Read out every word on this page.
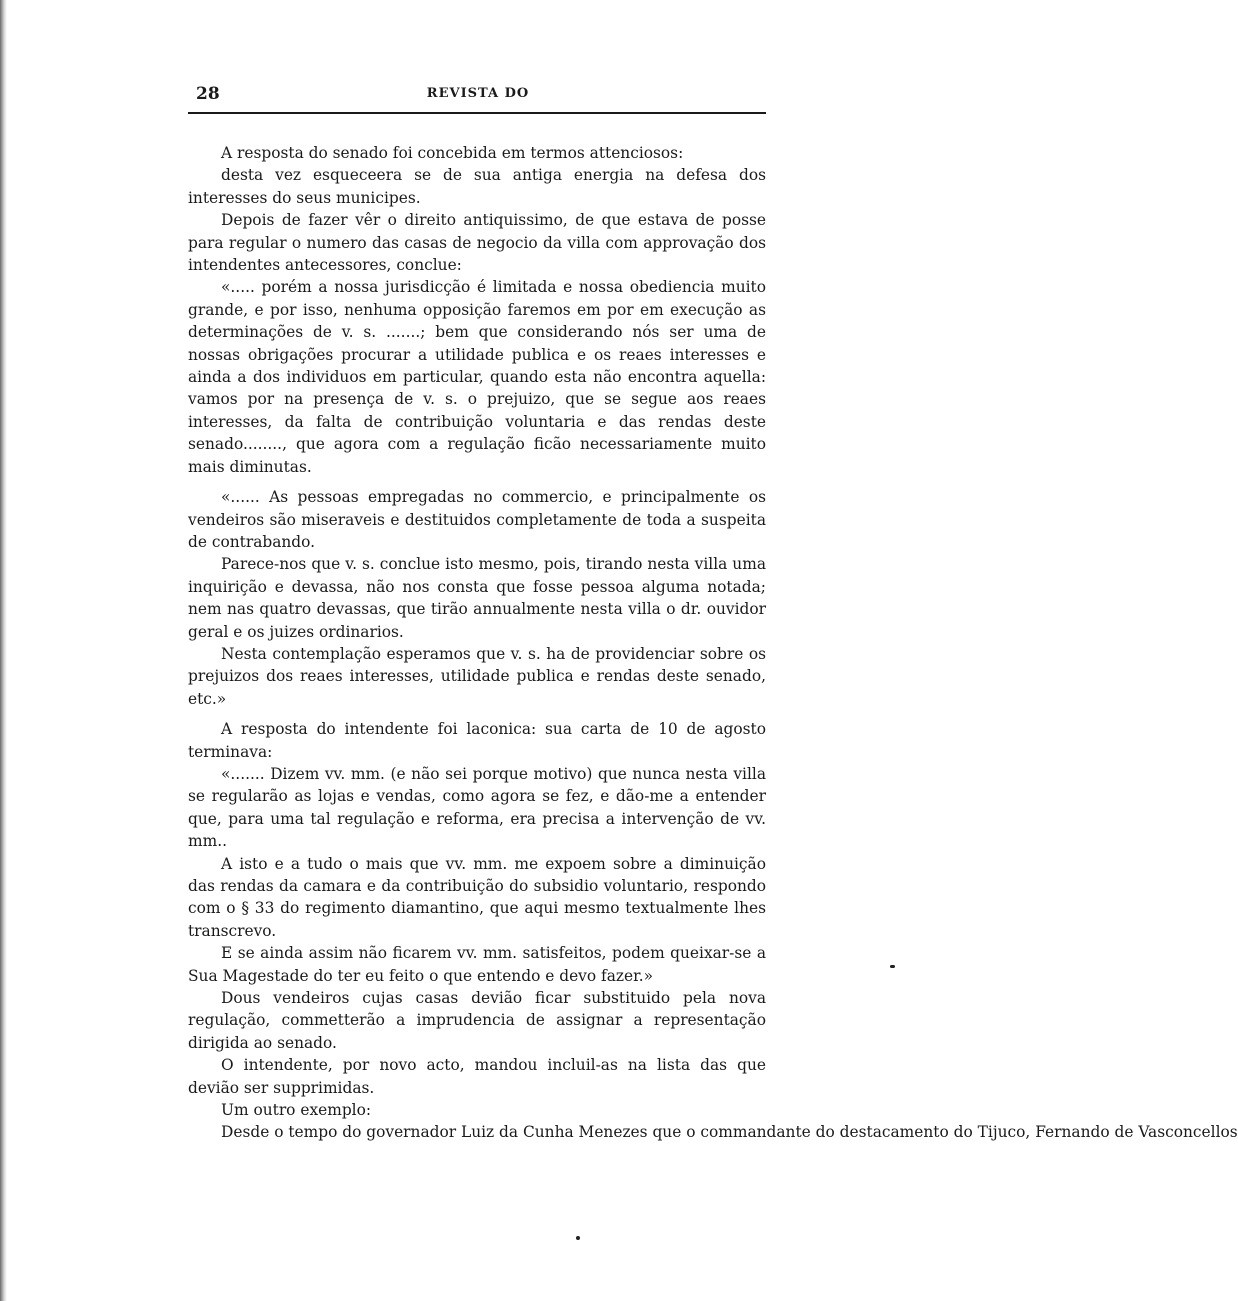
28	REVISTA DO

A resposta do senado foi concebida em termos attenciosos:

desta vez esqueceera se de sua antiga energia na defesa dos interesses do seus municipes.

Depois de fazer vêr o direito antiquissimo, de que estava de posse para regular o numero das casas de negocio da villa com approvação dos intendentes antecessores, conclue:

«..... porém a nossa jurisdicção é limitada e nossa obediencia muito grande, e por isso, nenhuma opposição faremos em por em execução as determinações de v. s. .......; bem que considerando nós ser uma de nossas obrigações procurar a utilidade publica e os reaes interesses e ainda a dos individuos em particular, quando esta não encontra aquella: vamos por na presença de v. s. o prejuizo, que se segue aos reaes interesses, da falta de contribuição voluntaria e das rendas deste senado........, que agora com a regulação ficão necessariamente muito mais diminutas.

«...... As pessoas empregadas no commercio, e principalmente os vendeiros são miseraveis e destituidos completamente de toda a suspeita de contrabando.

Parece-nos que v. s. conclue isto mesmo, pois, tirando nesta villa uma inquirição e devassa, não nos consta que fosse pessoa alguma notada; nem nas quatro devassas, que tirão annualmente nesta villa o dr. ouvidor geral e os juizes ordinarios.

Nesta contemplação esperamos que v. s. ha de providenciar sobre os prejuizos dos reaes interesses, utilidade publica e rendas deste senado, etc.»

A resposta do intendente foi laconica: sua carta de 10 de agosto terminava:

«....... Dizem vv. mm. (e não sei porque motivo) que nunca nesta villa se regularão as lojas e vendas, como agora se fez, e dão-me a entender que, para uma tal regulação e reforma, era precisa a intervenção de vv. mm..

A isto e a tudo o mais que vv. mm. me expoem sobre a diminuição das rendas da camara e da contribuição do subsidio voluntario, respondo com o § 33 do regimento diamantino, que aqui mesmo textualmente lhes transcrevo.

E se ainda assim não ficarem vv. mm. satisfeitos, podem queixar-se a Sua Magestade do ter eu feito o que entendo e devo fazer.»

Dous vendeiros cujas casas devião ficar substituido pela nova regulação, commetterão a imprudencia de assignar a representação dirigida ao senado.

O intendente, por novo acto, mandou incluil-as na lista das que devião ser supprimidas.

Um outro exemplo:

Desde o tempo do governador Luiz da Cunha Menezes que o commandante do destacamento do Tijuco, Fernando de Vasconcellos
